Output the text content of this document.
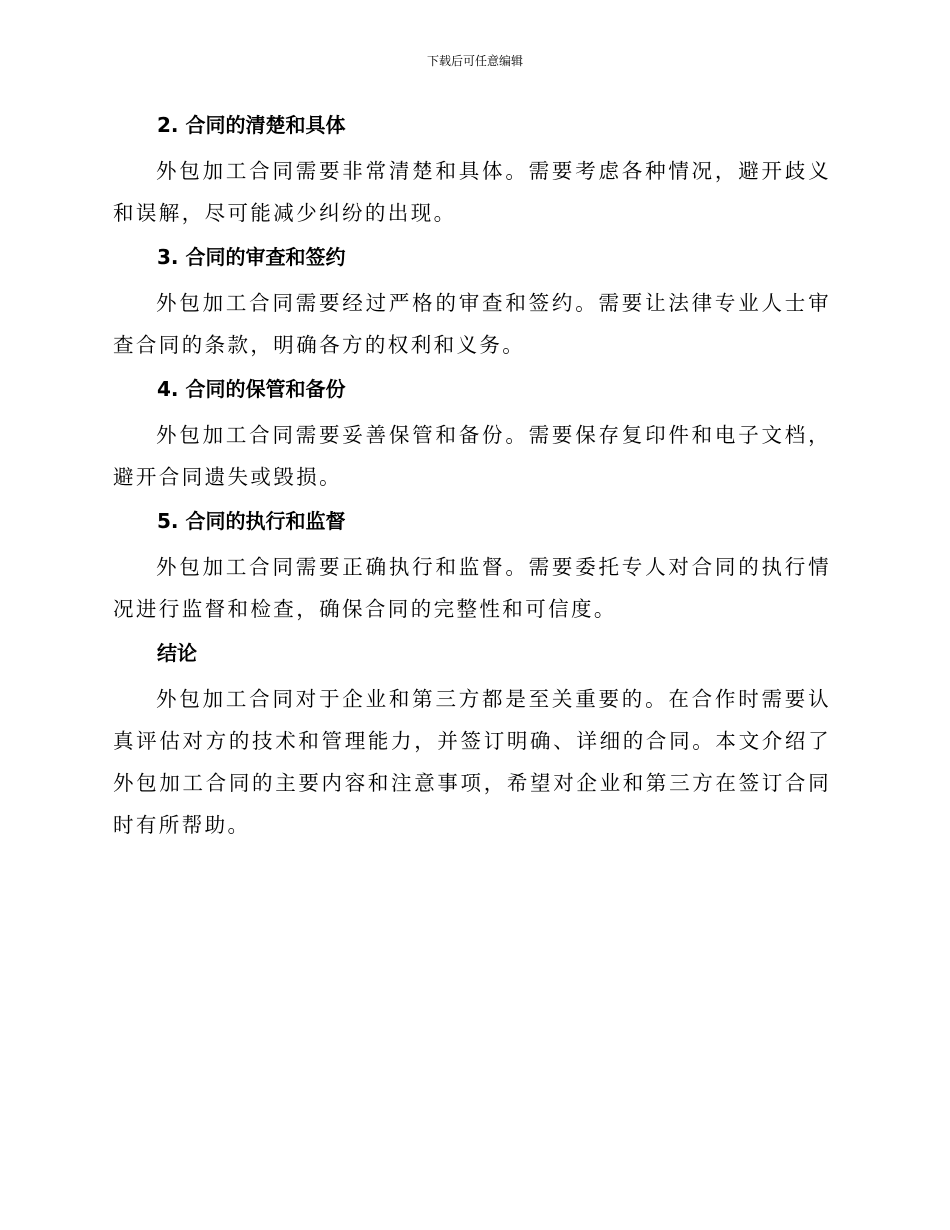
下载后可任意编辑
2. 合同的清楚和具体

外包加工合同需要非常清楚和具体。需要考虑各种情况，避开歧义和误解，尽可能减少纠纷的出现。

3. 合同的审查和签约

外包加工合同需要经过严格的审查和签约。需要让法律专业人士审查合同的条款，明确各方的权利和义务。

4. 合同的保管和备份

外包加工合同需要妥善保管和备份。需要保存复印件和电子文档，避开合同遗失或毁损。

5. 合同的执行和监督

外包加工合同需要正确执行和监督。需要委托专人对合同的执行情况进行监督和检查，确保合同的完整性和可信度。

结论

外包加工合同对于企业和第三方都是至关重要的。在合作时需要认真评估对方的技术和管理能力，并签订明确、详细的合同。本文介绍了外包加工合同的主要内容和注意事项，希望对企业和第三方在签订合同时有所帮助。
